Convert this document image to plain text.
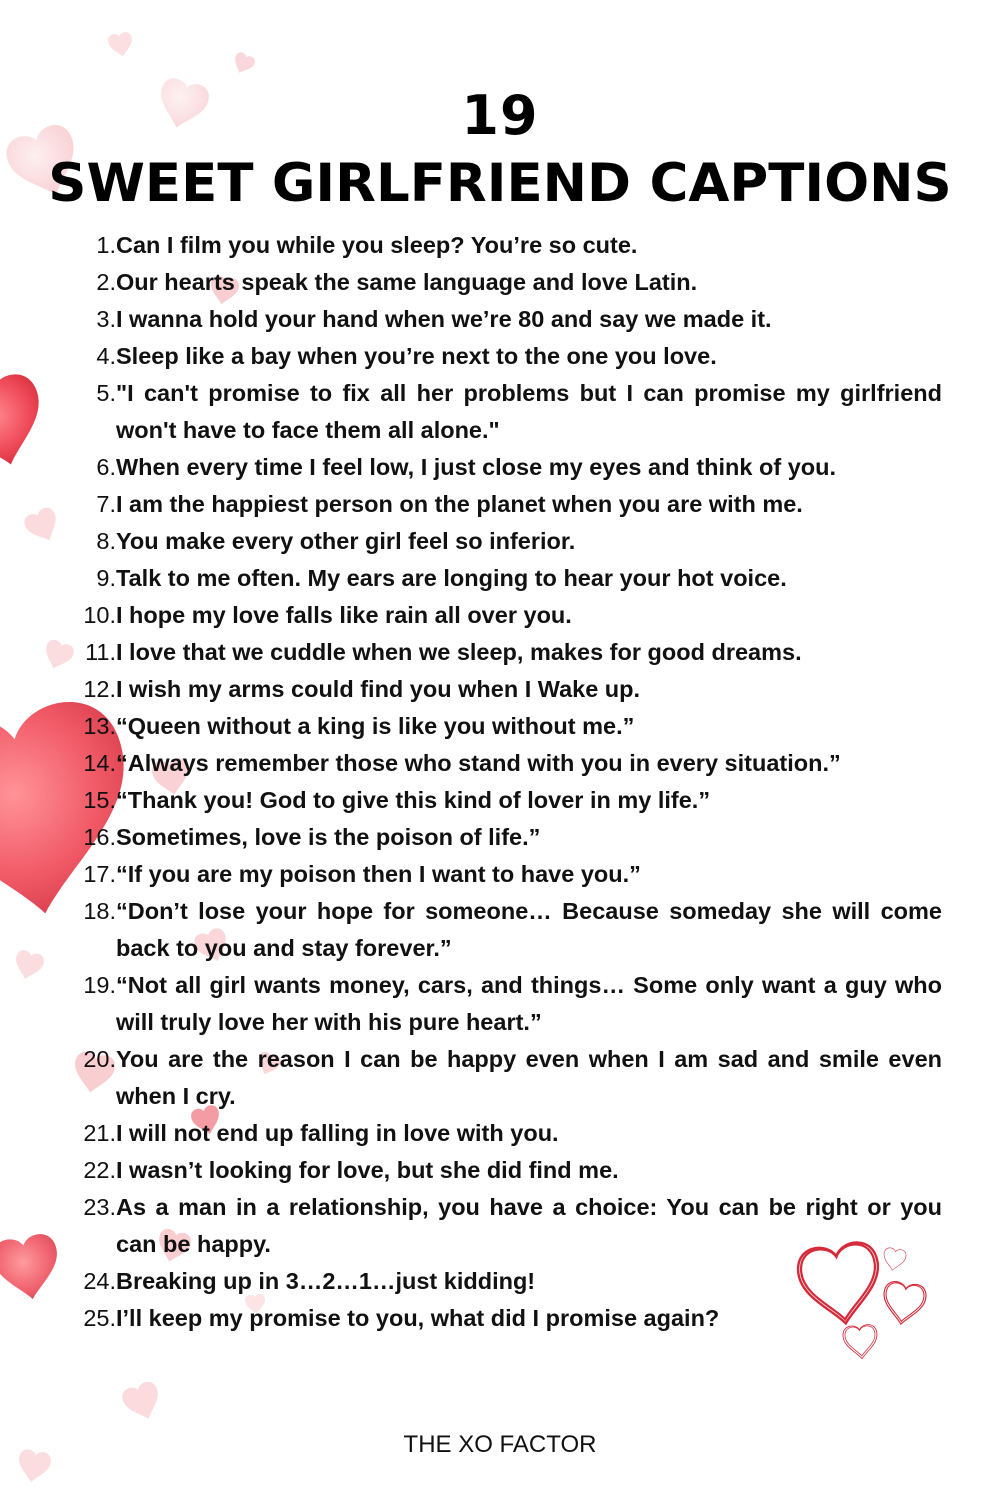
19
SWEET GIRLFRIEND CAPTIONS
1. Can I film you while you sleep? You’re so cute.
2. Our hearts speak the same language and love Latin.
3. I wanna hold your hand when we’re 80 and say we made it.
4. Sleep like a bay when you’re next to the one you love.
5. "I can't promise to fix all her problems but I can promise my girlfriend won't have to face them all alone."
6. When every time I feel low, I just close my eyes and think of you.
7. I am the happiest person on the planet when you are with me.
8. You make every other girl feel so inferior.
9. Talk to me often. My ears are longing to hear your hot voice.
10. I hope my love falls like rain all over you.
11. I love that we cuddle when we sleep, makes for good dreams.
12. I wish my arms could find you when I Wake up.
13. “Queen without a king is like you without me.”
14. “Always remember those who stand with you in every situation.”
15. “Thank you! God to give this kind of lover in my life.”
16. Sometimes, love is the poison of life.”
17. “If you are my poison then I want to have you.”
18. “Don’t lose your hope for someone… Because someday she will come back to you and stay forever.”
19. “Not all girl wants money, cars, and things… Some only want a guy who will truly love her with his pure heart.”
20. You are the reason I can be happy even when I am sad and smile even when I cry.
21. I will not end up falling in love with you.
22. I wasn’t looking for love, but she did find me.
23. As a man in a relationship, you have a choice: You can be right or you can be happy.
24. Breaking up in 3…2…1…just kidding!
25. I’ll keep my promise to you, what did I promise again?
THE XO FACTOR
